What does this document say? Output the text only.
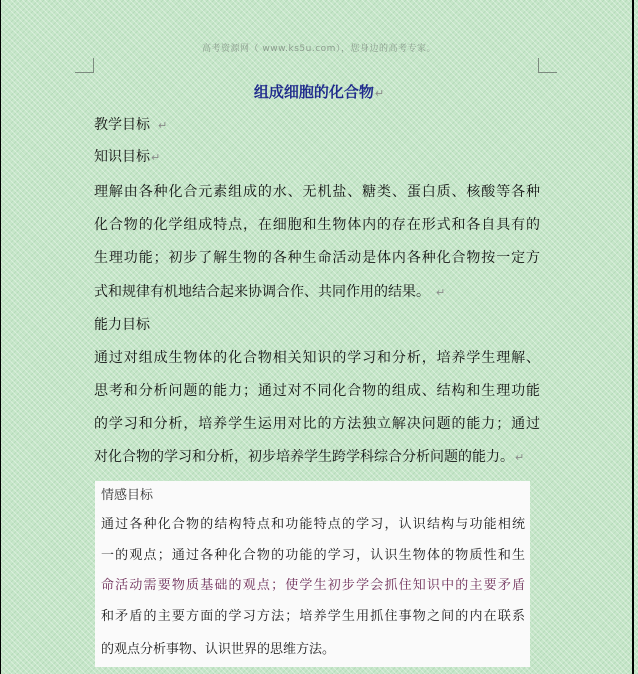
高考资源网（ www.ks5u.com），您身边的高考专家。
组成细胞的化合物↵
教学目标 ↵
知识目标↵
理解由各种化合元素组成的水、无机盐、糖类、蛋白质、核酸等各种
化合物的化学组成特点，在细胞和生物体内的存在形式和各自具有的
生理功能；初步了解生物的各种生命活动是体内各种化合物按一定方
式和规律有机地结合起来协调合作、共同作用的结果。 ↵
能力目标
通过对组成生物体的化合物相关知识的学习和分析，培养学生理解、
思考和分析问题的能力；通过对不同化合物的组成、结构和生理功能
的学习和分析，培养学生运用对比的方法独立解决问题的能力；通过
对化合物的学习和分析，初步培养学生跨学科综合分析问题的能力。↵
情感目标
通过各种化合物的结构特点和功能特点的学习，认识结构与功能相统
一的观点；通过各种化合物的功能的学习，认识生物体的物质性和生
命活动需要物质基础的观点；使学生初步学会抓住知识中的主要矛盾
和矛盾的主要方面的学习方法；培养学生用抓住事物之间的内在联系
的观点分析事物、认识世界的思维方法。
